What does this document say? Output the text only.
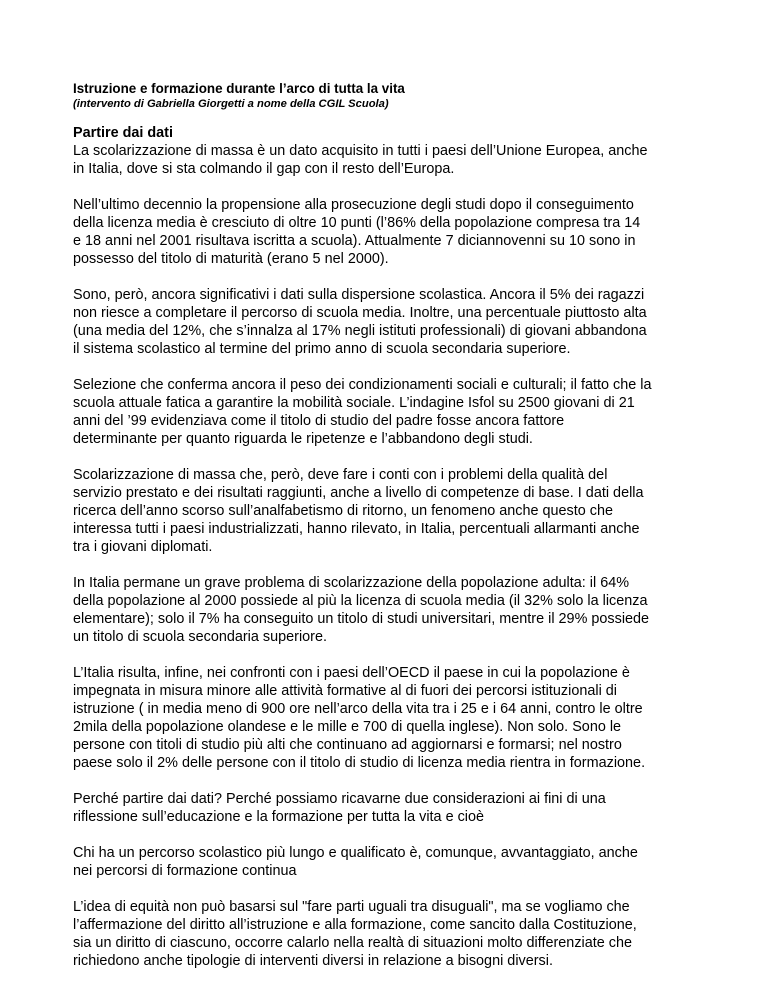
Istruzione e formazione durante l’arco di tutta la vita

(intervento di Gabriella Giorgetti a nome della CGIL Scuola)

Partire dai dati

La scolarizzazione di massa è un dato acquisito in tutti i paesi dell’Unione Europea, anche
in Italia, dove si sta colmando il gap con il resto dell’Europa.

Nell’ultimo decennio la propensione alla prosecuzione degli studi dopo il conseguimento
della licenza media è cresciuto di oltre 10 punti (l’86% della popolazione compresa tra 14
e 18 anni nel 2001 risultava iscritta a scuola). Attualmente 7 diciannovenni su 10 sono in
possesso del titolo di maturità (erano 5 nel 2000).

Sono, però, ancora significativi i dati sulla dispersione scolastica. Ancora il 5% dei ragazzi
non riesce a completare il percorso di scuola media. Inoltre, una percentuale piuttosto alta
(una media del 12%, che s’innalza al 17% negli istituti professionali) di giovani abbandona
il sistema scolastico al termine del primo anno di scuola secondaria superiore.

Selezione che conferma ancora il peso dei condizionamenti sociali e culturali; il fatto che la
scuola attuale fatica a garantire la mobilità sociale. L’indagine Isfol su 2500 giovani di 21
anni del ’99 evidenziava come il titolo di studio del padre fosse ancora fattore
determinante per quanto riguarda le ripetenze e l’abbandono degli studi.

Scolarizzazione di massa che, però, deve fare i conti con i problemi della qualità del
servizio prestato e dei risultati raggiunti, anche a livello di competenze di base. I dati della
ricerca dell’anno scorso sull’analfabetismo di ritorno, un fenomeno anche questo che
interessa tutti i paesi industrializzati, hanno rilevato, in Italia, percentuali allarmanti anche
tra i giovani diplomati.

In Italia permane un grave problema di scolarizzazione della popolazione adulta: il 64%
della popolazione al 2000 possiede al più la licenza di scuola media (il 32% solo la licenza
elementare); solo il 7% ha conseguito un titolo di studi universitari, mentre il 29% possiede
un titolo di scuola secondaria superiore.

L’Italia risulta, infine, nei confronti con i paesi dell’OECD il paese in cui la popolazione è
impegnata in misura minore alle attività formative al di fuori dei percorsi istituzionali di
istruzione ( in media meno di 900 ore nell’arco della vita tra i 25 e i 64 anni, contro le oltre
2mila della popolazione olandese e le mille e 700 di quella inglese). Non solo. Sono le
persone con titoli di studio più alti che continuano ad aggiornarsi e formarsi; nel nostro
paese solo il 2% delle persone con il titolo di studio di licenza media rientra in formazione.

Perché partire dai dati? Perché possiamo ricavarne due considerazioni ai fini di una
riflessione sull’educazione e la formazione per tutta la vita e cioè

Chi ha un percorso scolastico più lungo e qualificato è, comunque, avvantaggiato, anche
nei percorsi di formazione continua

L’idea di equità non può basarsi sul "fare parti uguali tra disuguali", ma se vogliamo che
l’affermazione del diritto all’istruzione e alla formazione, come sancito dalla Costituzione,
sia un diritto di ciascuno, occorre calarlo nella realtà di situazioni molto differenziate che
richiedono anche tipologie di interventi diversi in relazione a bisogni diversi.
